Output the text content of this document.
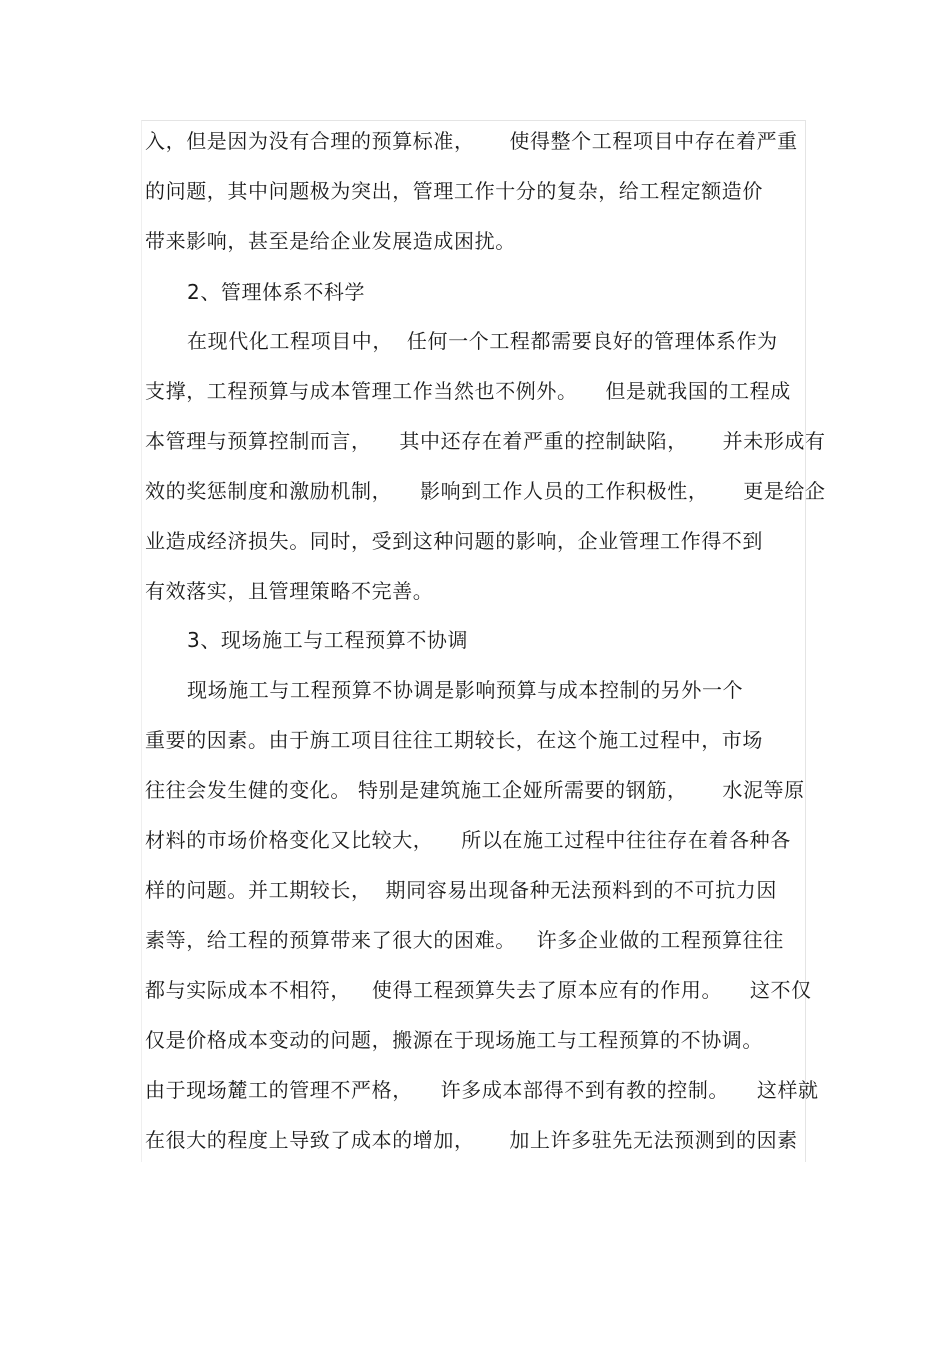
入，但是因为没有合理的预算标准，     使得整个工程项目中存在着严重
的问题，其中问题极为突出，管理工作十分的复杂，给工程定额造价
带来影响，甚至是给企业发展造成困扰。
2、管理体系不科学
在现代化工程项目中，  任何一个工程都需要良好的管理体系作为
支撑，工程预算与成本管理工作当然也不例外。    但是就我国的工程成
本管理与预算控制而言，    其中还存在着严重的控制缺陷，     并未形成有
效的奖惩制度和激励机制，    影响到工作人员的工作积极性，     更是给企
业造成经济损失。同时，受到这种问题的影响，企业管理工作得不到
有效落实，且管理策略不完善。
3、现场施工与工程预算不协调
现场施工与工程预算不协调是影响预算与成本控制的另外一个
重要的因素。由于旃工项目往往工期较长，在这个施工过程中，市场
往往会发生健的变化。 特别是建筑施工企娅所需要的钢筋，     水泥等原
材料的市场价格变化又比较大，    所以在施工过程中往往存在着各种各
样的问题。并工期较长，  期同容易出现备种无法预料到的不可抗力因
素等，给工程的预算带来了很大的困难。   许多企业做的工程预算往往
都与实际成本不相符，   使得工程颈算失去了原本应有的作用。    这不仅
仅是价格成本变动的问题，搬源在于现场施工与工程预算的不协调。
由于现场麓工的管理不严格，    许多成本部得不到有教的控制。    这样就
在很大的程度上导致了成本的增加，     加上许多驻先无法预测到的因素
